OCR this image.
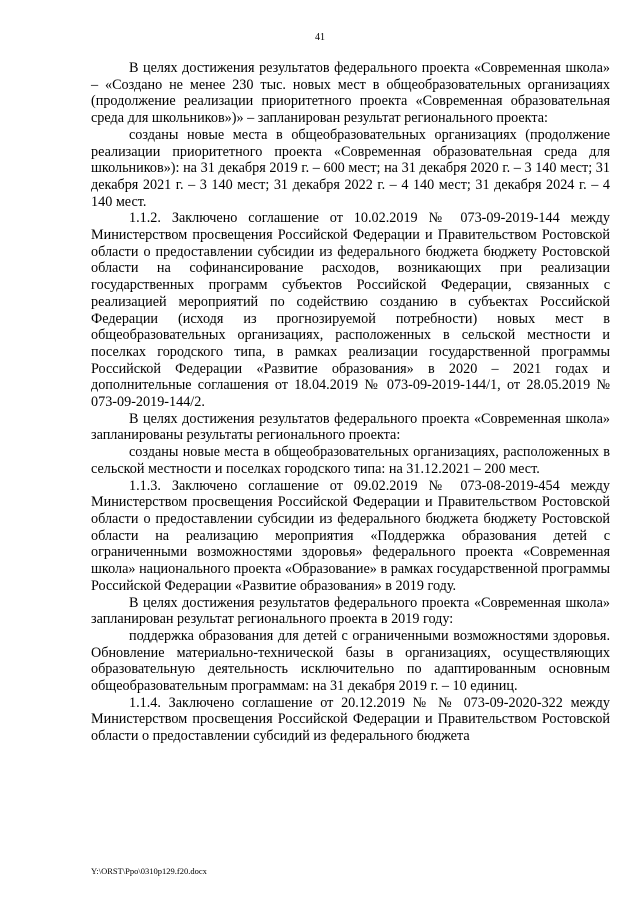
41

В целях достижения результатов федерального проекта «Современная школа» – «Создано не менее 230 тыс. новых мест в общеобразовательных организациях (продолжение реализации приоритетного проекта «Современная образовательная среда для школьников»)» – запланирован результат регионального проекта:

созданы новые места в общеобразовательных организациях (продолжение реализации приоритетного проекта «Современная образовательная среда для школьников»): на 31 декабря 2019 г. – 600 мест; на 31 декабря 2020 г. – 3 140 мест; 31 декабря 2021 г. – 3 140 мест; 31 декабря 2022 г. – 4 140 мест; 31 декабря 2024 г. – 4 140 мест.

1.1.2. Заключено соглашение от 10.02.2019 № 073-09-2019-144 между Министерством просвещения Российской Федерации и Правительством Ростовской области о предоставлении субсидии из федерального бюджета бюджету Ростовской области на софинансирование расходов, возникающих при реализации государственных программ субъектов Российской Федерации, связанных с реализацией мероприятий по содействию созданию в субъектах Российской Федерации (исходя из прогнозируемой потребности) новых мест в общеобразовательных организациях, расположенных в сельской местности и поселках городского типа, в рамках реализации государственной программы Российской Федерации «Развитие образования» в 2020 – 2021 годах и дополнительные соглашения от 18.04.2019 № 073-09-2019-144/1, от 28.05.2019 № 073-09-2019-144/2.

В целях достижения результатов федерального проекта «Современная школа» запланированы результаты регионального проекта:

созданы новые места в общеобразовательных организациях, расположенных в сельской местности и поселках городского типа: на 31.12.2021 – 200 мест.

1.1.3. Заключено соглашение от 09.02.2019 № 073-08-2019-454 между Министерством просвещения Российской Федерации и Правительством Ростовской области о предоставлении субсидии из федерального бюджета бюджету Ростовской области на реализацию мероприятия «Поддержка образования детей с ограниченными возможностями здоровья» федерального проекта «Современная школа» национального проекта «Образование» в рамках государственной программы Российской Федерации «Развитие образования» в 2019 году.

В целях достижения результатов федерального проекта «Современная школа» запланирован результат регионального проекта в 2019 году:

поддержка образования для детей с ограниченными возможностями здоровья. Обновление материально-технической базы в организациях, осуществляющих образовательную деятельность исключительно по адаптированным основным общеобразовательным программам: на 31 декабря 2019 г. – 10 единиц.

1.1.4. Заключено соглашение от 20.12.2019 № № 073-09-2020-322 между Министерством просвещения Российской Федерации и Правительством Ростовской области о предоставлении субсидий из федерального бюджета

Y:\ORST\Ppo\0310p129.f20.docx
